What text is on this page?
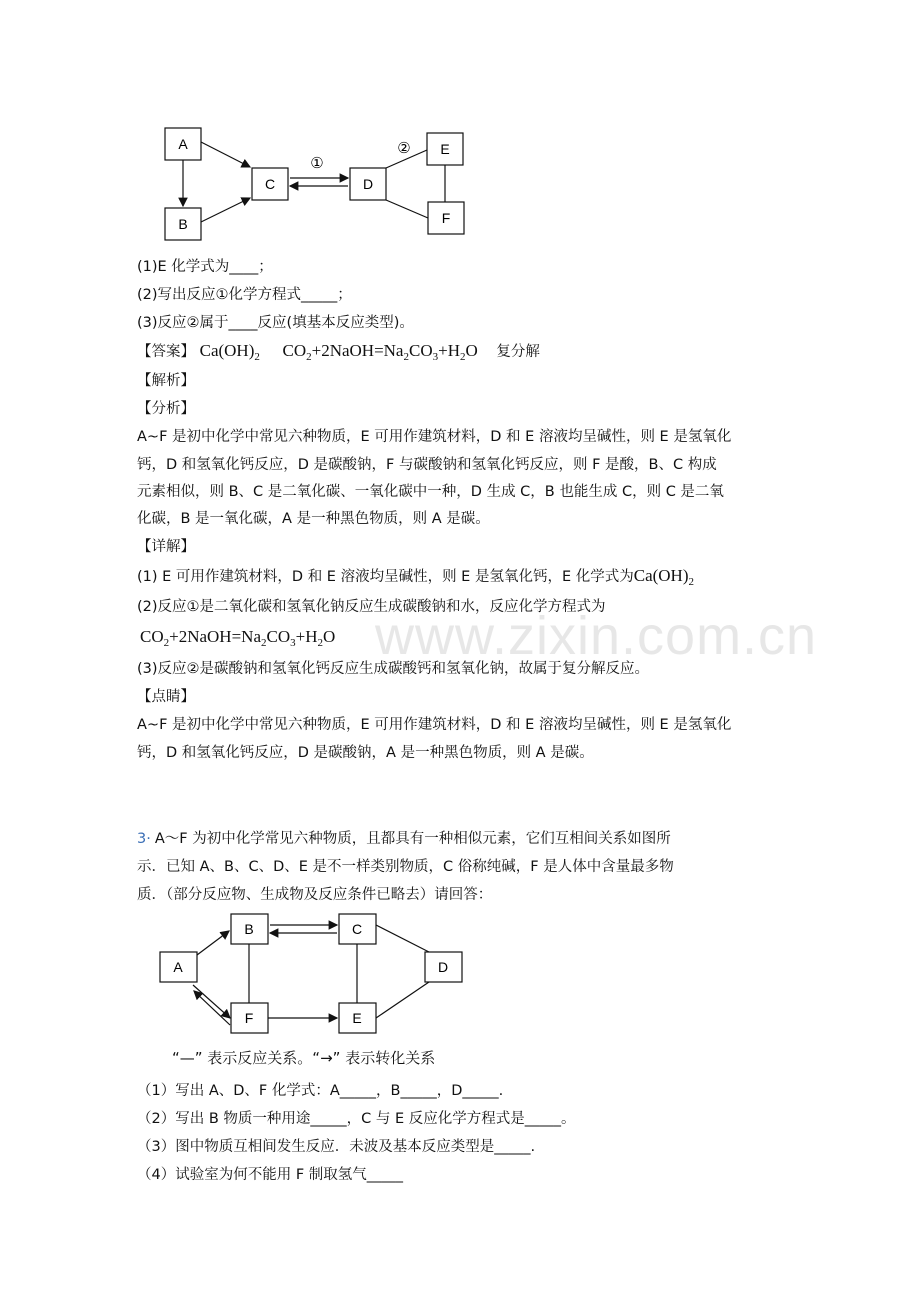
A
B
C	D
E
F
①
②
(1)E 化学式为____；
(2)写出反应①化学方程式_____；
(3)反应②属于____反应(填基本反应类型)。
【答案】 $Ca(OH)_2$ $CO_2+2NaOH=Na_2CO_3+H_2O$ 复分解
【解析】
【分析】
A~F 是初中化学中常见六种物质，E 可用作建筑材料，D 和 E 溶液均呈碱性，则 E 是氢氧化
钙，D 和氢氧化钙反应，D 是碳酸钠，F 与碳酸钠和氢氧化钙反应，则 F 是酸，B、C 构成
元素相似，则 B、C 是二氧化碳、一氧化碳中一种，D 生成 C，B 也能生成 C，则 C 是二氧
化碳，B 是一氧化碳，A 是一种黑色物质，则 A 是碳。
【详解】
(1) E 可用作建筑材料，D 和 E 溶液均呈碱性，则 E 是氢氧化钙，E 化学式为$Ca(OH)_2$
(2)反应①是二氧化碳和氢氧化钠反应生成碳酸钠和水，反应化学方程式为
$CO_2+2NaOH=Na_2CO_3+H_2O$
(3)反应②是碳酸钠和氢氧化钙反应生成碳酸钙和氢氧化钠，故属于复分解反应。
【点睛】
A~F 是初中化学中常见六种物质，E 可用作建筑材料，D 和 E 溶液均呈碱性，则 E 是氢氧化
钙，D 和氢氧化钙反应，D 是碳酸钠，A 是一种黑色物质，则 A 是碳。
www.zixin.com.cn
3· A～F 为初中化学常见六种物质，且都具有一种相似元素，它们互相间关系如图所
示．已知 A、B、C、D、E 是不一样类别物质，C 俗称纯碱，F 是人体中含量最多物
质．（部分反应物、生成物及反应条件已略去）请回答：
A
B	C
D
F	E
“—” 表示反应关系。“→” 表示转化关系
（1）写出 A、D、F 化学式：A_____，B_____，D_____.
（2）写出 B 物质一种用途_____，C 与 E 反应化学方程式是_____。
（3）图中物质互相间发生反应．未波及基本反应类型是_____.
（4）试验室为何不能用 F 制取氢气_____
